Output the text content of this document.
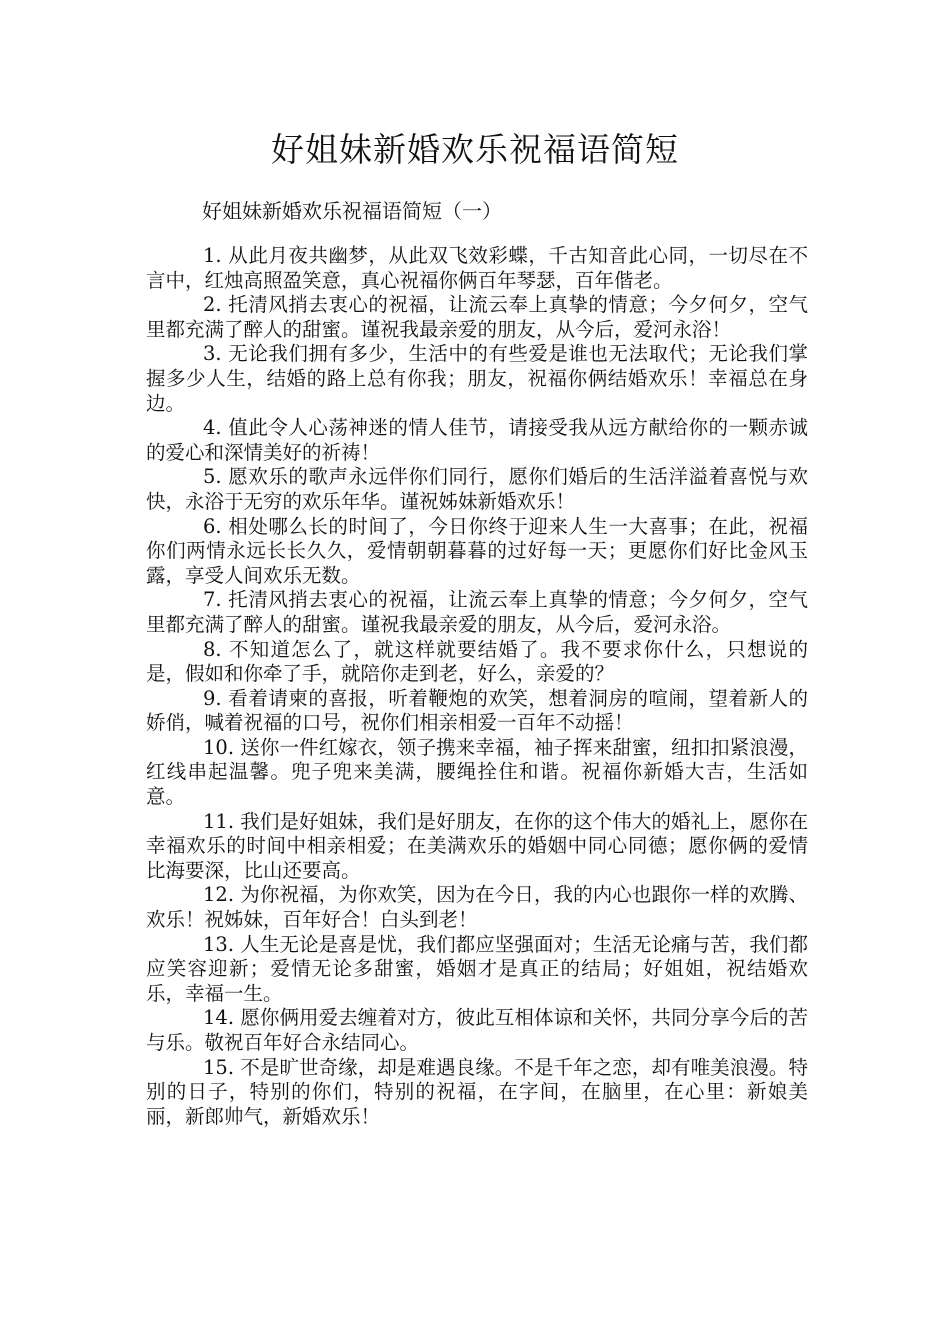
好姐妹新婚欢乐祝福语简短
好姐妹新婚欢乐祝福语简短（一）

1. 从此月夜共幽梦，从此双飞效彩蝶，千古知音此心同，一切尽在不言中，红烛高照盈笑意，真心祝福你俩百年琴瑟，百年偕老。

2. 托清风捎去衷心的祝福，让流云奉上真挚的情意；今夕何夕，空气里都充满了醉人的甜蜜。谨祝我最亲爱的朋友，从今后，爱河永浴！

3. 无论我们拥有多少，生活中的有些爱是谁也无法取代；无论我们掌握多少人生，结婚的路上总有你我；朋友，祝福你俩结婚欢乐！幸福总在身边。

4. 值此令人心荡神迷的情人佳节，请接受我从远方献给你的一颗赤诚的爱心和深情美好的祈祷！

5. 愿欢乐的歌声永远伴你们同行，愿你们婚后的生活洋溢着喜悦与欢快，永浴于无穷的欢乐年华。谨祝姊妹新婚欢乐！

6. 相处哪么长的时间了，今日你终于迎来人生一大喜事；在此，祝福你们两情永远长长久久，爱情朝朝暮暮的过好每一天；更愿你们好比金风玉露，享受人间欢乐无数。

7. 托清风捎去衷心的祝福，让流云奉上真挚的情意；今夕何夕，空气里都充满了醉人的甜蜜。谨祝我最亲爱的朋友，从今后，爱河永浴。

8. 不知道怎么了，就这样就要结婚了。我不要求你什么，只想说的是，假如和你牵了手，就陪你走到老，好么，亲爱的？

9. 看着请柬的喜报，听着鞭炮的欢笑，想着洞房的喧闹，望着新人的娇俏，喊着祝福的口号，祝你们相亲相爱一百年不动摇！

10. 送你一件红嫁衣，领子携来幸福，袖子挥来甜蜜，纽扣扣紧浪漫，红线串起温馨。兜子兜来美满，腰绳拴住和谐。祝福你新婚大吉，生活如意。

11. 我们是好姐妹，我们是好朋友，在你的这个伟大的婚礼上，愿你在幸福欢乐的时间中相亲相爱；在美满欢乐的婚姻中同心同德；愿你俩的爱情比海要深，比山还要高。

12. 为你祝福，为你欢笑，因为在今日，我的内心也跟你一样的欢腾、欢乐！祝姊妹，百年好合！白头到老！

13. 人生无论是喜是忧，我们都应坚强面对；生活无论痛与苦，我们都应笑容迎新；爱情无论多甜蜜，婚姻才是真正的结局；好姐姐，祝结婚欢乐，幸福一生。

14. 愿你俩用爱去缠着对方，彼此互相体谅和关怀，共同分享今后的苦与乐。敬祝百年好合永结同心。

15. 不是旷世奇缘，却是难遇良缘。不是千年之恋，却有唯美浪漫。特别的日子，特别的你们，特别的祝福，在字间，在脑里，在心里：新娘美丽，新郎帅气，新婚欢乐！
